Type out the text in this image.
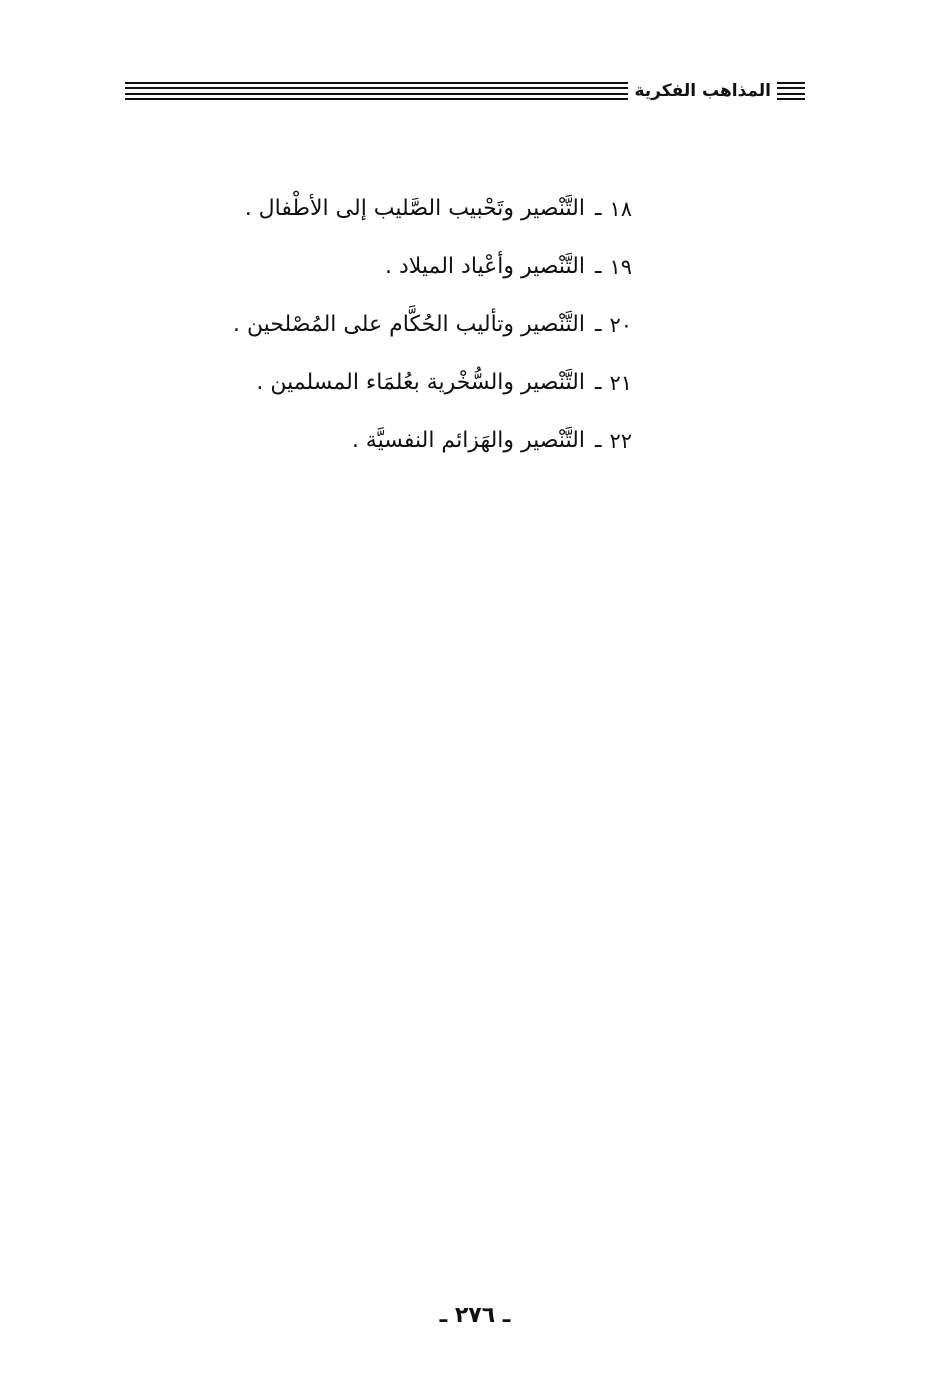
المذاهب الفكرية
١٨
ـ
التَّنْصير وتَحْبيب الصَّليب إلى الأطْفال .
١٩
ـ
التَّنْصير وأعْياد الميلاد .
٢٠
ـ
التَّنْصير وتأليب الحُكَّام على المُصْلحين .
٢١
ـ
التَّنْصير والسُّخْرية بعُلمَاء المسلمين .
٢٢
ـ
التَّنْصير والهَزائم النفسيَّة .
ـ ٢٧٦ ـ
